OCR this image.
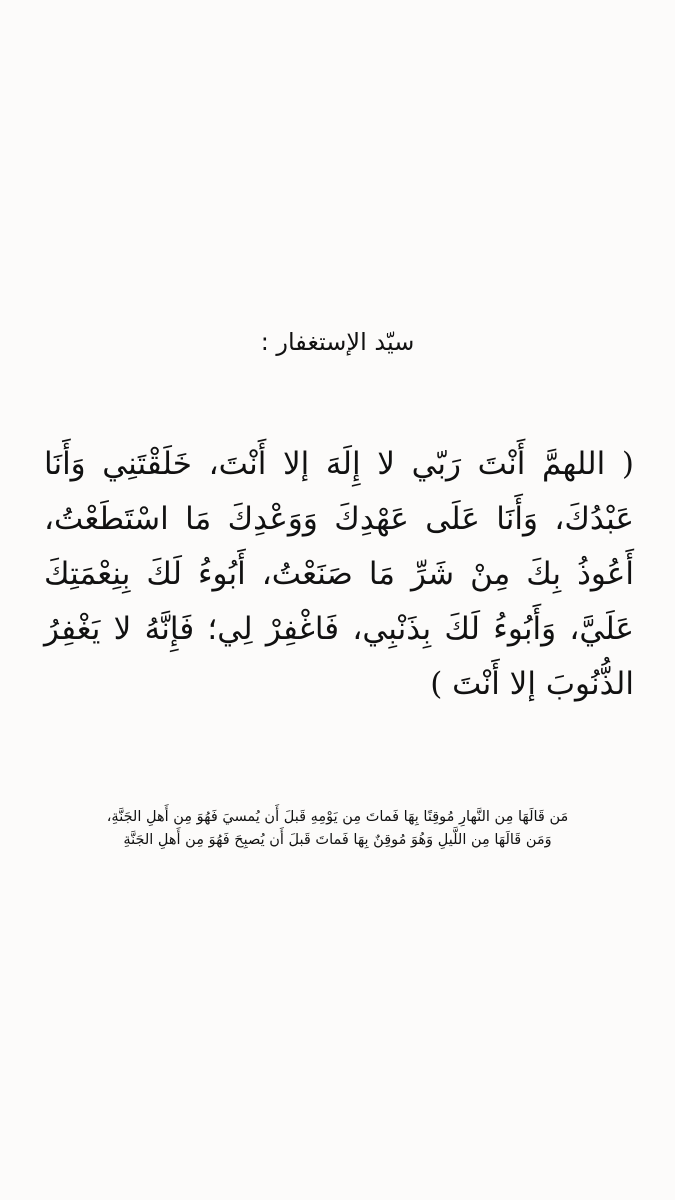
سيّد الإستغفار :

( اللهمَّ أَنْتَ رَبّي لا إِلَهَ إلا أَنْتَ، خَلَقْتَنِي وَأَنَا عَبْدُكَ، وَأَنَا عَلَى عَهْدِكَ وَوَعْدِكَ مَا اسْتَطَعْتُ، أَعُوذُ بِكَ مِنْ شَرِّ مَا صَنَعْتُ، أَبُوءُ لَكَ بِنِعْمَتِكَ عَلَيَّ، وَأَبُوءُ لَكَ بِذَنْبِي، فَاغْفِرْ لِي؛ فَإِنَّهُ لا يَغْفِرُ الذُّنُوبَ إلا أَنْتَ )

مَن قَالَهَا مِن النَّهارِ مُوقِنًا بِهَا فَماتَ مِن يَوْمِهِ قَبلَ أَن يُمسيَ فَهُوَ مِن أَهلِ الجَنَّةِ،
وَمَن قَالَهَا مِن اللَّيلِ وَهُوَ مُوقِنٌ بِهَا فَماتَ قَبلَ أَن يُصبِحَ فَهُوَ مِن أَهلِ الجَنَّةِ
